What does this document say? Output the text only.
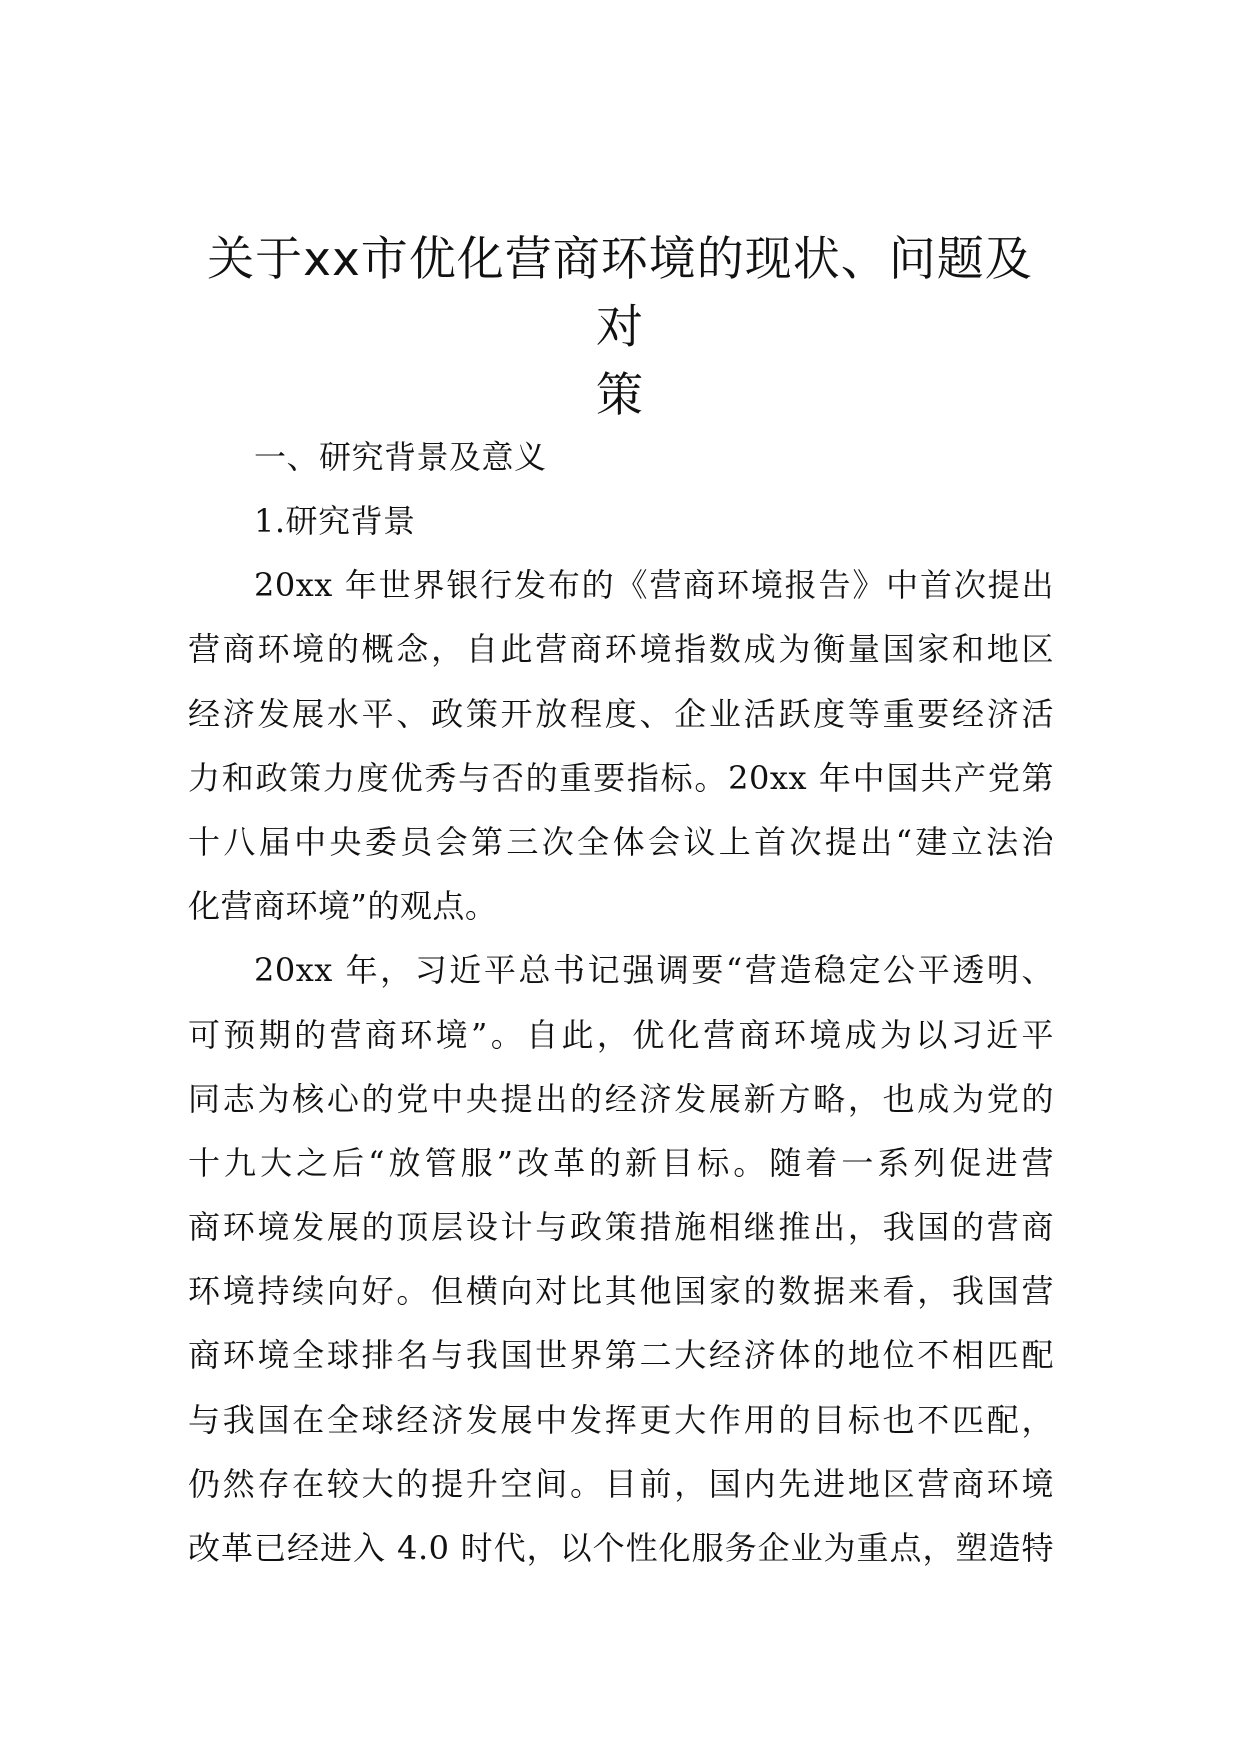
关于xx市优化营商环境的现状、问题及对
策
一、研究背景及意义
1.研究背景
20xx 年世界银行发布的《营商环境报告》中首次提出
营商环境的概念，自此营商环境指数成为衡量国家和地区
经济发展水平、政策开放程度、企业活跃度等重要经济活
力和政策力度优秀与否的重要指标。20xx 年中国共产党第
十八届中央委员会第三次全体会议上首次提出“建立法治
化营商环境”的观点。
20xx 年，习近平总书记强调要“营造稳定公平透明、
可预期的营商环境”。自此，优化营商环境成为以习近平
同志为核心的党中央提出的经济发展新方略，也成为党的
十九大之后“放管服”改革的新目标。随着一系列促进营
商环境发展的顶层设计与政策措施相继推出，我国的营商
环境持续向好。但横向对比其他国家的数据来看，我国营
商环境全球排名与我国世界第二大经济体的地位不相匹配
与我国在全球经济发展中发挥更大作用的目标也不匹配，
仍然存在较大的提升空间。目前，国内先进地区营商环境
改革已经进入 4.0 时代，以个性化服务企业为重点，塑造特
